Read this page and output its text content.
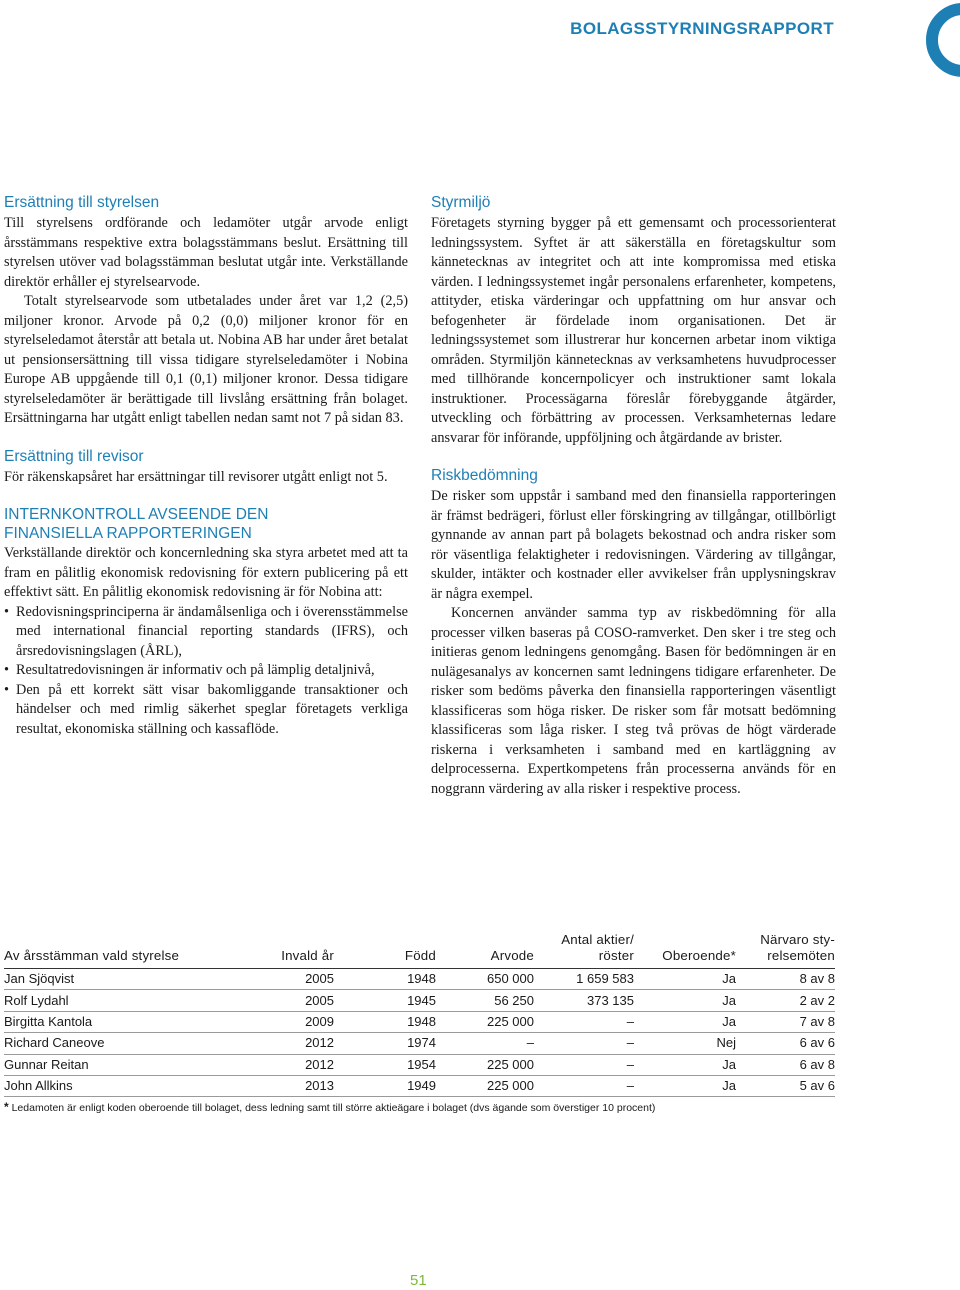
BOLAGSSTYRNINGSRAPPORT
Ersättning till styrelsen

Till styrelsens ordförande och ledamöter utgår arvode enligt årsstämmans respektive extra bolagsstämmans beslut. Ersättning till styrelsen utöver vad bolagsstämman beslutat utgår inte. Verkställande direktör erhåller ej styrelsearvode.

Totalt styrelsearvode som utbetalades under året var 1,2 (2,5) miljoner kronor. Arvode på 0,2 (0,0) miljoner kronor för en styrelseledamot återstår att betala ut. Nobina AB har under året betalat ut pensionsersättning till vissa tidigare styrelseledamöter i Nobina Europe AB uppgående till 0,1 (0,1) miljoner kronor. Dessa tidigare styrelseledamöter är berättigade till livslång ersättning från bolaget. Ersättningarna har utgått enligt tabellen nedan samt not 7 på sidan 83.

Ersättning till revisor

För räkenskapsåret har ersättningar till revisorer utgått enligt not 5.

INTERNKONTROLL AVSEENDE DEN
FINANSIELLA RAPPORTERINGEN

Verkställande direktör och koncernledning ska styra arbetet med att ta fram en pålitlig ekonomisk redovisning för extern publicering på ett effektivt sätt. En pålitlig ekonomisk redovisning är för Nobina att:

• Redovisningsprinciperna är ändamålsenliga och i överensstämmelse med international financial reporting standards (IFRS), och årsredovisningslagen (ÅRL),
• Resultatredovisningen är informativ och på lämplig detaljnivå,
• Den på ett korrekt sätt visar bakomliggande transaktioner och händelser och med rimlig säkerhet speglar företagets verkliga resultat, ekonomiska ställning och kassaflöde.
Styrmiljö

Företagets styrning bygger på ett gemensamt och processorienterat ledningssystem. Syftet är att säkerställa en företagskultur som kännetecknas av integritet och att inte kompromissa med etiska värden. I ledningssystemet ingår personalens erfarenheter, kompetens, attityder, etiska värderingar och uppfattning om hur ansvar och befogenheter är fördelade inom organisationen. Det är ledningssystemet som illustrerar hur koncernen arbetar inom viktiga områden. Styrmiljön kännetecknas av verksamhetens huvudprocesser med tillhörande koncernpolicyer och instruktioner samt lokala instruktioner. Processägarna föreslår förebyggande åtgärder, utveckling och förbättring av processen. Verksamheternas ledare ansvarar för införande, uppföljning och åtgärdande av brister.

Riskbedömning

De risker som uppstår i samband med den finansiella rapporteringen är främst bedrägeri, förlust eller förskingring av tillgångar, otillbörligt gynnande av annan part på bolagets bekostnad och andra risker som rör väsentliga felaktigheter i redovisningen. Värdering av tillgångar, skulder, intäkter och kostnader eller avvikelser från upplysningskrav är några exempel.

Koncernen använder samma typ av riskbedömning för alla processer vilken baseras på COSO-ramverket. Den sker i tre steg och initieras genom ledningens genomgång. Basen för bedömningen är en nulägesanalys av koncernen samt ledningens tidigare erfarenheter. De risker som bedöms påverka den finansiella rapporteringen väsentligt klassificeras som höga risker. De risker som får motsatt bedömning klassificeras som låga risker. I steg två prövas de högt värderade riskerna i verksamheten i samband med en kartläggning av delprocesserna. Expertkompetens från processerna används för en noggrann värdering av alla risker i respektive process.

Av årsstämman vald styrelse	Invald år	Född	Arvode	Antal aktier/
röster	Oberoende*	Närvaro sty-
relsemöten
Jan Sjöqvist	2005	1948	650 000	1 659 583	Ja	8 av 8
Rolf Lydahl	2005	1945	56 250	373 135	Ja	2 av 2
Birgitta Kantola	2009	1948	225 000	–	Ja	7 av 8
Richard Caneove	2012	1974	–	–	Nej	6 av 6
Gunnar Reitan	2012	1954	225 000	–	Ja	6 av 8
John Allkins	2013	1949	225 000	–	Ja	5 av 6
* Ledamoten är enligt koden oberoende till bolaget, dess ledning samt till större aktieägare i bolaget (dvs ägande som överstiger 10 procent)
51
